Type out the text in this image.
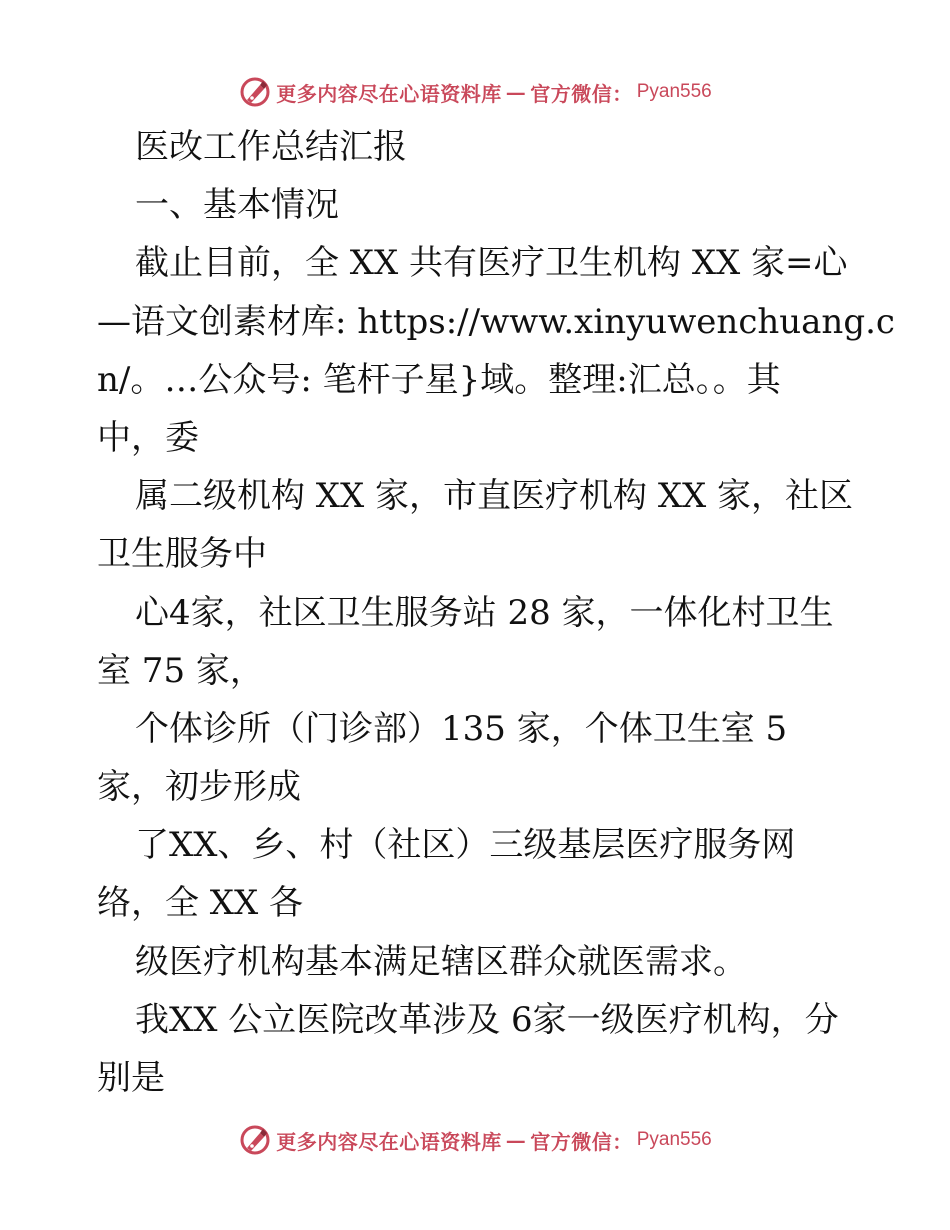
更多内容尽在心语资料库 — 官方微信： Pyan556
医改工作总结汇报
一、基本情况
截止目前，全 XX 共有医疗卫生机构 XX 家=心
—语文创素材库: https://www.xinyuwenchuang.c
n/。…公众号: 笔杆子星}域。整理:汇总。。其
中，委
属二级机构 XX 家，市直医疗机构 XX 家，社区
卫生服务中
心4家，社区卫生服务站 28 家，一体化村卫生
室 75 家，
个体诊所（门诊部）135 家，个体卫生室 5
家，初步形成
了XX、乡、村（社区）三级基层医疗服务网
络，全 XX 各
级医疗机构基本满足辖区群众就医需求。
我XX 公立医院改革涉及 6家一级医疗机构，分
别是
更多内容尽在心语资料库 — 官方微信： Pyan556
